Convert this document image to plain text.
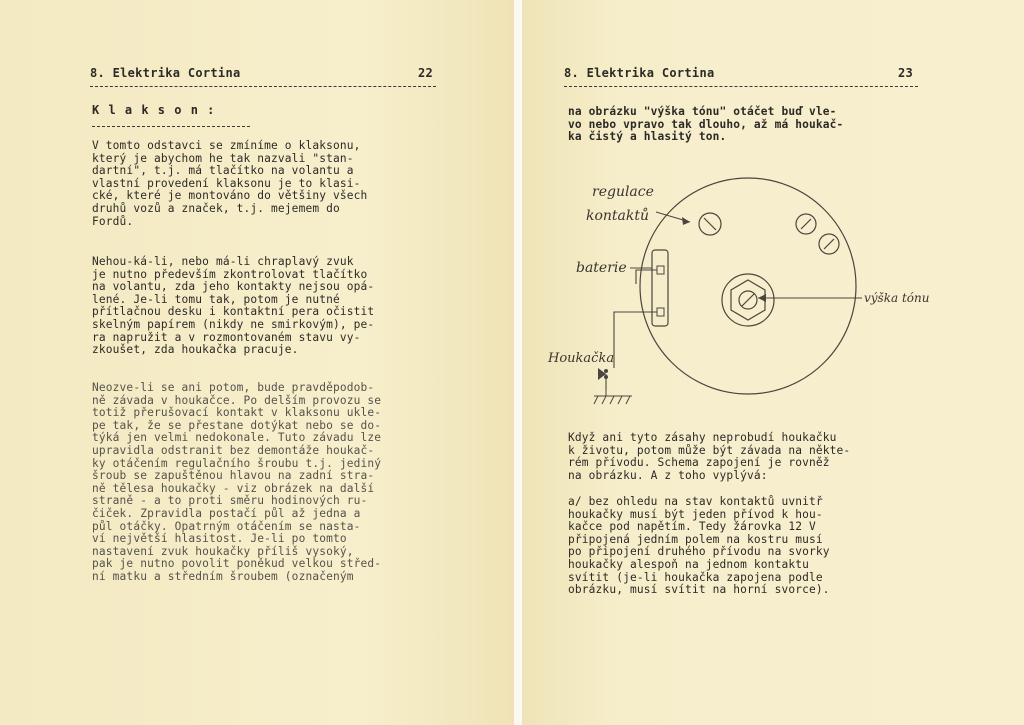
8. Elektrika Cortina	22
K l a k s o n :
V tomto odstavci se zmíníme o klaksonu,
který je abychom he tak nazvali "stan-
dartní", t.j. má tlačítko na volantu a
vlastní provedení klaksonu je to klasi-
cké, které je montováno do většiny všech
druhů vozů a značek, t.j. mejemem do
Fordů.
Nehou-ká-li, nebo má-li chraplavý zvuk
je nutno především zkontrolovat tlačítko
na volantu, zda jeho kontakty nejsou opá-
lené. Je-li tomu tak, potom je nutné
přítlačnou desku i kontaktní pera očistit
skelným papírem (nikdy ne smirkovým), pe-
ra napružit a v rozmontovaném stavu vy-
zkoušet, zda houkačka pracuje.
Neozve-li se ani potom, bude pravděpodob-
ně závada v houkačce. Po delším provozu se
totiž přerušovací kontakt v klaksonu ukle-
pe tak, že se přestane dotýkat nebo se do-
týká jen velmi nedokonale. Tuto závadu lze
upravidla odstranit bez demontáže houkač-
ky otáčením regulačního šroubu t.j. jediný
šroub se zapuštěnou hlavou na zadní stra-
ně tělesa houkačky - viz obrázek na další
straně - a to proti směru hodinových ru-
čiček. Zpravidla postačí půl až jedna a
půl otáčky. Opatrným otáčením se nasta-
ví největší hlasitost. Je-li po tomto
nastavení zvuk houkačky příliš vysoký,
pak je nutno povolit poněkud velkou střed-
ní matku a středním šroubem (označeným
8. Elektrika Cortina	23
na obrázku "výška tónu" otáčet buď vle-
vo nebo vpravo tak dlouho, až má houkač-
ka čistý a hlasitý ton.
Když ani tyto zásahy neprobudí houkačku
k životu, potom může být závada na někte-
rém přívodu. Schema zapojení je rovněž
na obrázku. A z toho vyplývá:
a/ bez ohledu na stav kontaktů uvnitř
houkačky musí být jeden přívod k hou-
kačce pod napětím. Tedy žárovka 12 V
připojená jedním polem na kostru musí
po připojení druhého přívodu na svorky
houkačky alespoň na jednom kontaktu
svítit (je-li houkačka zapojena podle
obrázku, musí svítit na horní svorce).
regulace
kontaktů
baterie
Houkačka
výška tónu
